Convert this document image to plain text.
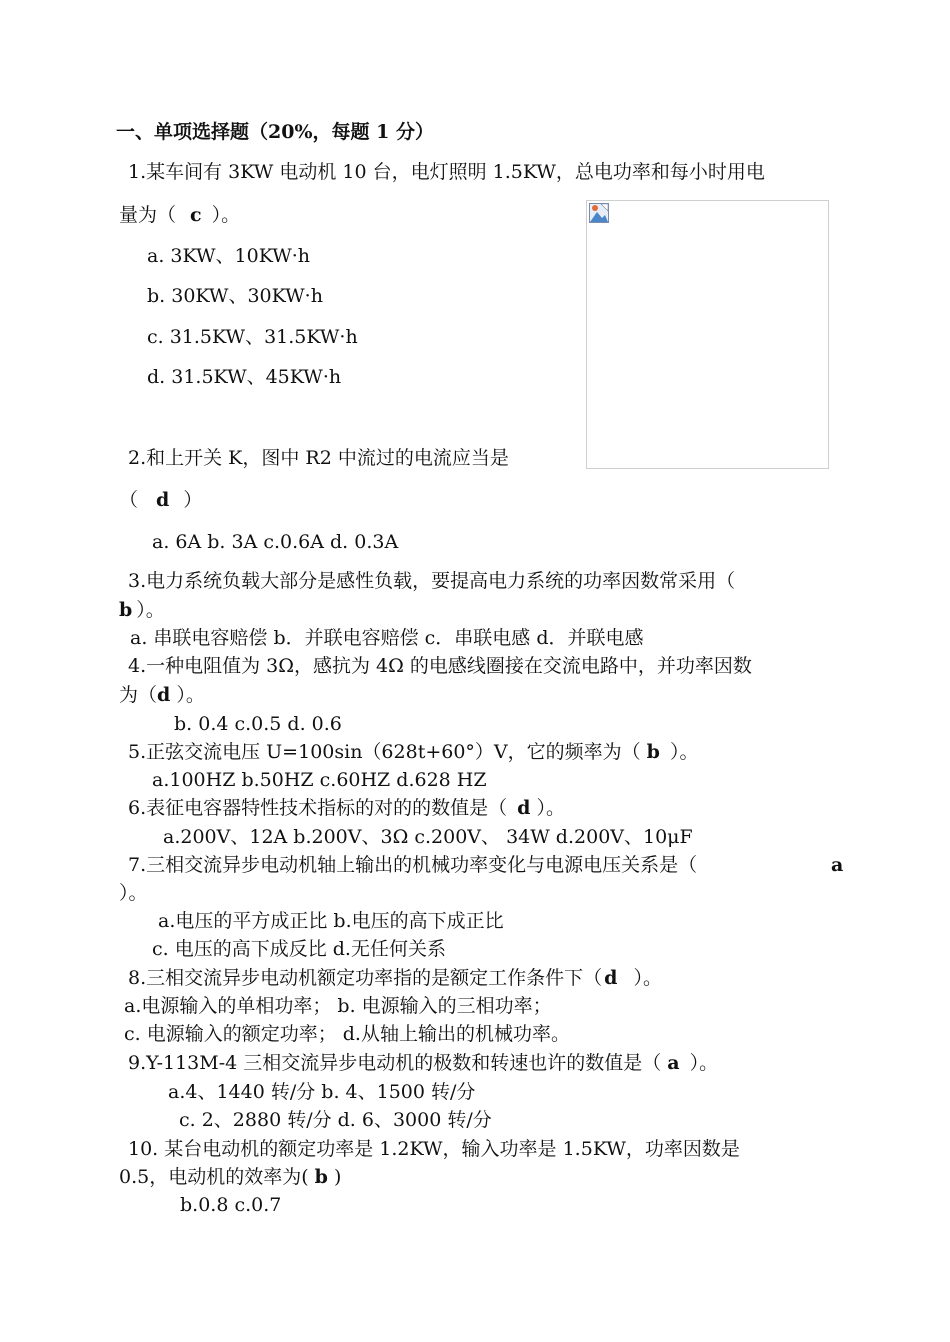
一、单项选择题（20%，每题 1 分）
1.某车间有 3KW 电动机 10 台，电灯照明 1.5KW，总电功率和每小时用电
量为（ c ）。
a. 3KW、10KW·h
b. 30KW、30KW·h
c. 31.5KW、31.5KW·h
d. 31.5KW、45KW·h
2.和上开关 K，图中 R2 中流过的电流应当是
（ d ）
a. 6A b. 3A c.0.6A d. 0.3A
3.电力系统负载大部分是感性负载，要提高电力系统的功率因数常采用（
b ）。
a. 串联电容赔偿 b．并联电容赔偿 c．串联电感 d．并联电感
4.一种电阻值为 3Ω，感抗为 4Ω 的电感线圈接在交流电路中，并功率因数
为（d ）。
b. 0.4 c.0.5 d. 0.6
5.正弦交流电压 U=100sin（628t+60°）V，它的频率为（ b ）。
a.100HZ b.50HZ c.60HZ d.628 HZ
6.表征电容器特性技术指标的对的的数值是（ d ）。
a.200V、12A b.200V、3Ω c.200V、 34W d.200V、10μF
7.三相交流异步电动机轴上输出的机械功率变化与电源电压关系是（	a
）。
a.电压的平方成正比 b.电压的高下成正比
c. 电压的高下成反比 d.无任何关系
8.三相交流异步电动机额定功率指的是额定工作条件下（ d ）。
a.电源输入的单相功率； b. 电源输入的三相功率；
c. 电源输入的额定功率； d.从轴上输出的机械功率。
9.Y-113M-4 三相交流异步电动机的极数和转速也许的数值是（ a ）。
a.4、1440 转/分 b. 4、1500 转/分
c. 2、2880 转/分 d. 6、3000 转/分
10. 某台电动机的额定功率是 1.2KW，输入功率是 1.5KW，功率因数是
0.5，电动机的效率为( b )
b.0.8 c.0.7
